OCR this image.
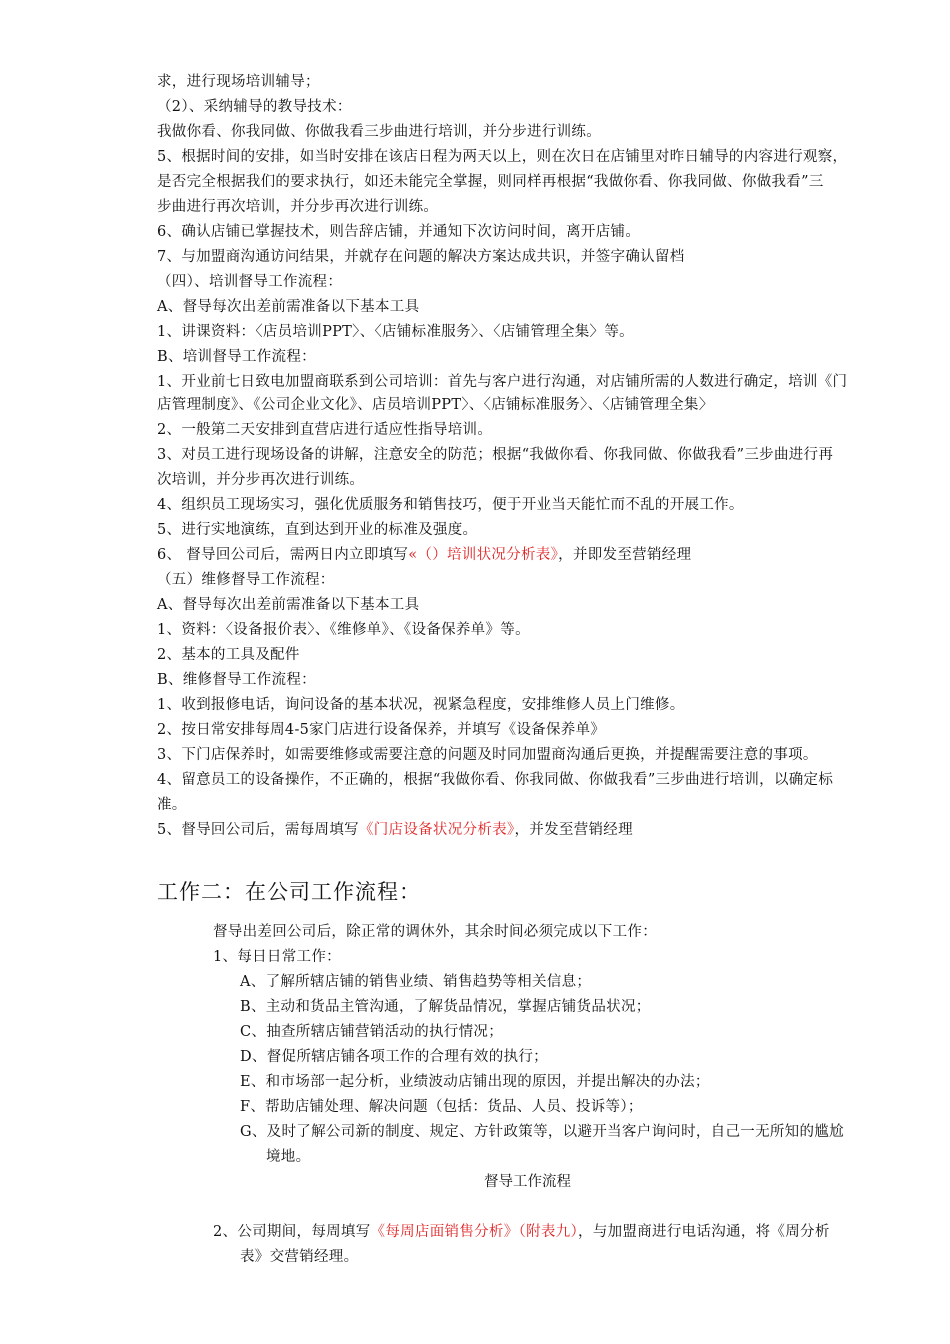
求，进行现场培训辅导；
（2）、采纳辅导的教导技术：
我做你看、你我同做、你做我看三步曲进行培训，并分步进行训练。
5、根据时间的安排，如当时安排在该店日程为两天以上，则在次日在店铺里对昨日辅导的内容进行观察，
是否完全根据我们的要求执行，如还未能完全掌握，则同样再根据“我做你看、你我同做、你做我看”三
步曲进行再次培训，并分步再次进行训练。
6、确认店铺已掌握技术，则告辞店铺，并通知下次访问时间，离开店铺。
7、与加盟商沟通访问结果，并就存在问题的解决方案达成共识，并签字确认留档
（四）、培训督导工作流程：
A、督导每次出差前需准备以下基本工具
1、讲课资料：〈店员培训PPT〉、〈店铺标准服务〉、〈店铺管理全集〉等。
B、培训督导工作流程：
1、开业前七日致电加盟商联系到公司培训：首先与客户进行沟通，对店铺所需的人数进行确定，培训《门
店管理制度》、《公司企业文化》、店员培训PPT〉、〈店铺标准服务〉、〈店铺管理全集〉
2、一般第二天安排到直营店进行适应性指导培训。
3、对员工进行现场设备的讲解，注意安全的防范；根据“我做你看、你我同做、你做我看”三步曲进行再
次培训，并分步再次进行训练。
4、组织员工现场实习，强化优质服务和销售技巧，便于开业当天能忙而不乱的开展工作。
5、进行实地演练，直到达到开业的标准及强度。
6、 督导回公司后，需两日内立即填写«（）培训状况分析表》，并即发至营销经理
（五）维修督导工作流程：
A、督导每次出差前需准备以下基本工具
1、资料：〈设备报价表〉、《维修单》、《设备保养单》等。
2、基本的工具及配件
B、维修督导工作流程：
1、收到报修电话，询问设备的基本状况，视紧急程度，安排维修人员上门维修。
2、按日常安排每周4-5家门店进行设备保养，并填写《设备保养单》
3、下门店保养时，如需要维修或需要注意的问题及时同加盟商沟通后更换，并提醒需要注意的事项。
4、留意员工的设备操作，不正确的，根据“我做你看、你我同做、你做我看”三步曲进行培训，以确定标
准。
5、督导回公司后，需每周填写《门店设备状况分析表》，并发至营销经理
工作二：在公司工作流程：
督导出差回公司后，除正常的调休外，其余时间必须完成以下工作：
1、每日日常工作：
A、了解所辖店铺的销售业绩、销售趋势等相关信息；
B、主动和货品主管沟通，了解货品情况，掌握店铺货品状况；
C、抽查所辖店铺营销活动的执行情况；
D、督促所辖店铺各项工作的合理有效的执行；
E、和市场部一起分析，业绩波动店铺出现的原因，并提出解决的办法；
F、帮助店铺处理、解决问题（包括：货品、人员、投诉等）；
G、及时了解公司新的制度、规定、方针政策等，以避开当客户询问时，自己一无所知的尴尬
境地。
督导工作流程
2、公司期间，每周填写《每周店面销售分析》（附表九），与加盟商进行电话沟通，将《周分析
表》交营销经理。
